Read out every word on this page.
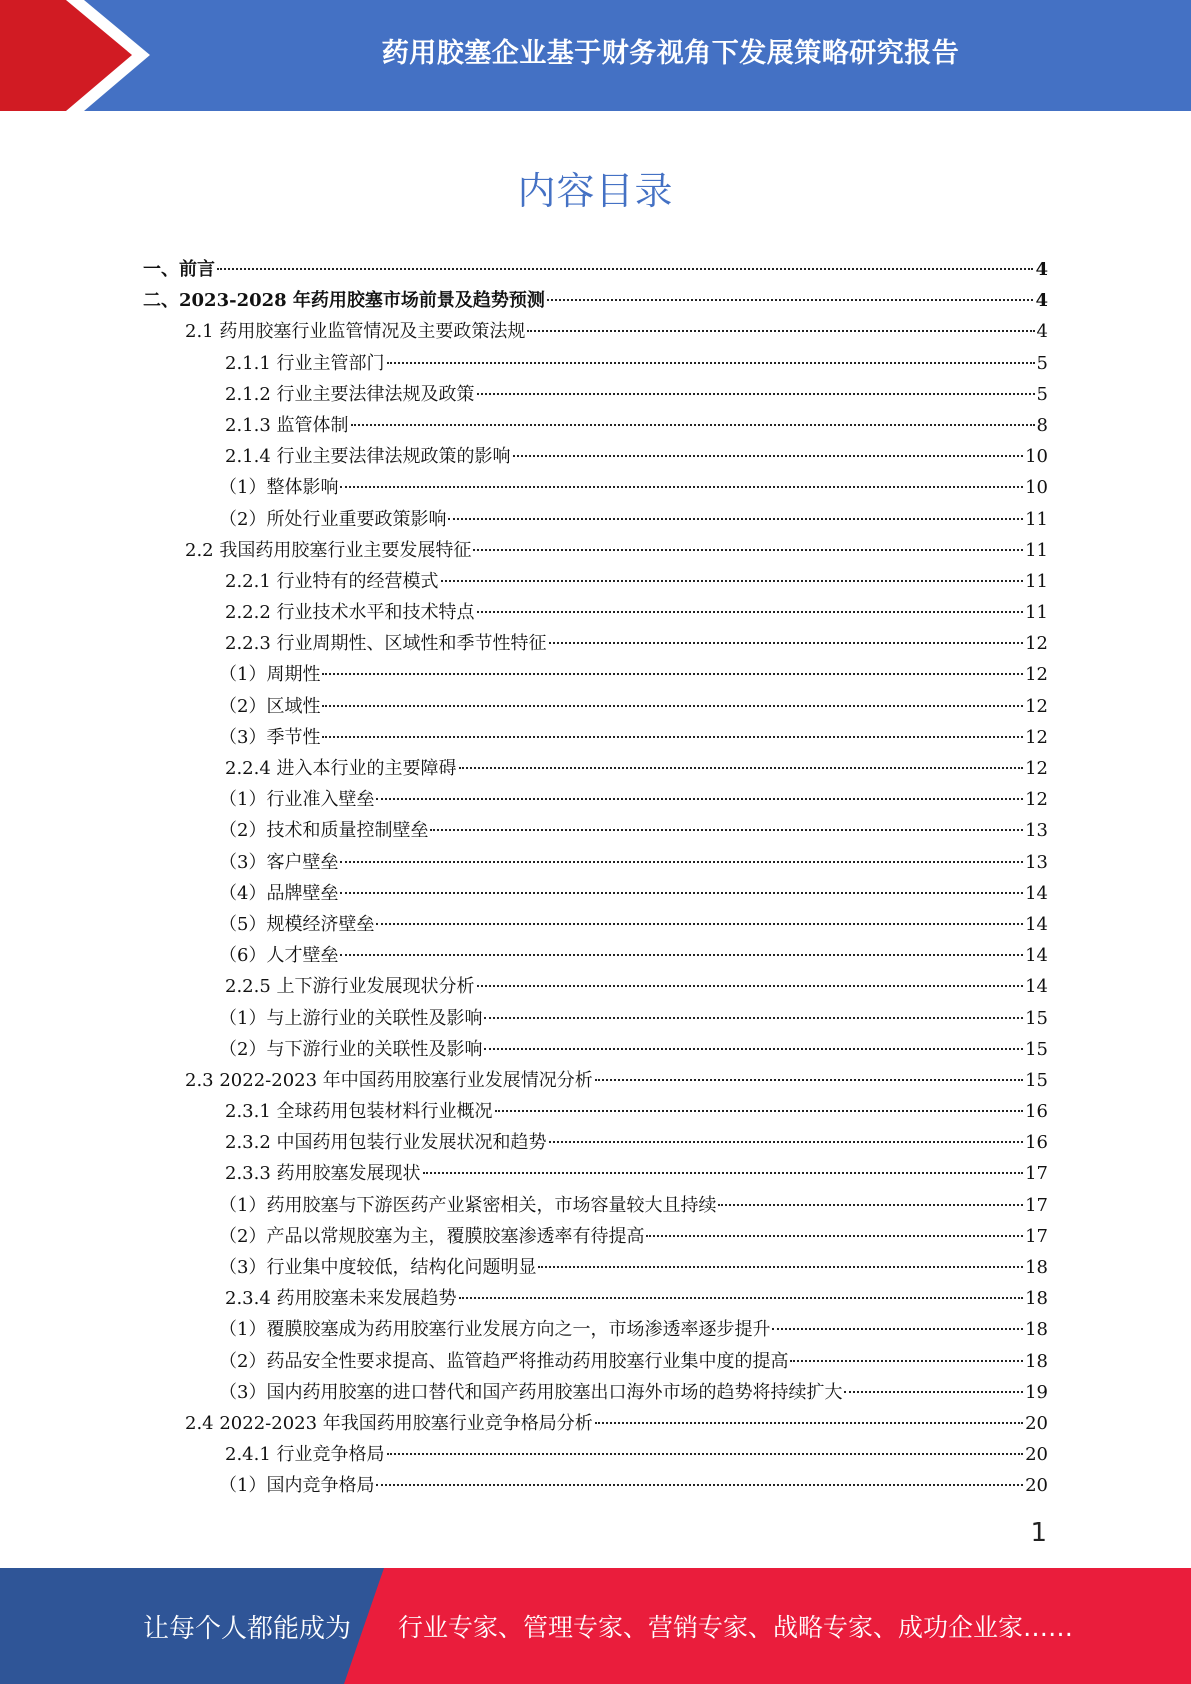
药用胶塞企业基于财务视角下发展策略研究报告
内容目录
一、前言	4
二、2023-2028 年药用胶塞市场前景及趋势预测	4
2.1 药用胶塞行业监管情况及主要政策法规	4
2.1.1 行业主管部门	5
2.1.2 行业主要法律法规及政策	5
2.1.3 监管体制	8
2.1.4 行业主要法律法规政策的影响	10
（1）整体影响	10
（2）所处行业重要政策影响	11
2.2 我国药用胶塞行业主要发展特征	11
2.2.1 行业特有的经营模式	11
2.2.2 行业技术水平和技术特点	11
2.2.3 行业周期性、区域性和季节性特征	12
（1）周期性	12
（2）区域性	12
（3）季节性	12
2.2.4 进入本行业的主要障碍	12
（1）行业准入壁垒	12
（2）技术和质量控制壁垒	13
（3）客户壁垒	13
（4）品牌壁垒	14
（5）规模经济壁垒	14
（6）人才壁垒	14
2.2.5 上下游行业发展现状分析	14
（1）与上游行业的关联性及影响	15
（2）与下游行业的关联性及影响	15
2.3 2022-2023 年中国药用胶塞行业发展情况分析	15
2.3.1 全球药用包装材料行业概况	16
2.3.2 中国药用包装行业发展状况和趋势	16
2.3.3 药用胶塞发展现状	17
（1）药用胶塞与下游医药产业紧密相关，市场容量较大且持续	17
（2）产品以常规胶塞为主，覆膜胶塞渗透率有待提高	17
（3）行业集中度较低，结构化问题明显	18
2.3.4 药用胶塞未来发展趋势	18
（1）覆膜胶塞成为药用胶塞行业发展方向之一，市场渗透率逐步提升	18
（2）药品安全性要求提高、监管趋严将推动药用胶塞行业集中度的提高	18
（3）国内药用胶塞的进口替代和国产药用胶塞出口海外市场的趋势将持续扩大	19
2.4 2022-2023 年我国药用胶塞行业竞争格局分析	20
2.4.1 行业竞争格局	20
（1）国内竞争格局	20
1
让每个人都能成为 行业专家、管理专家、营销专家、战略专家、成功企业家……
